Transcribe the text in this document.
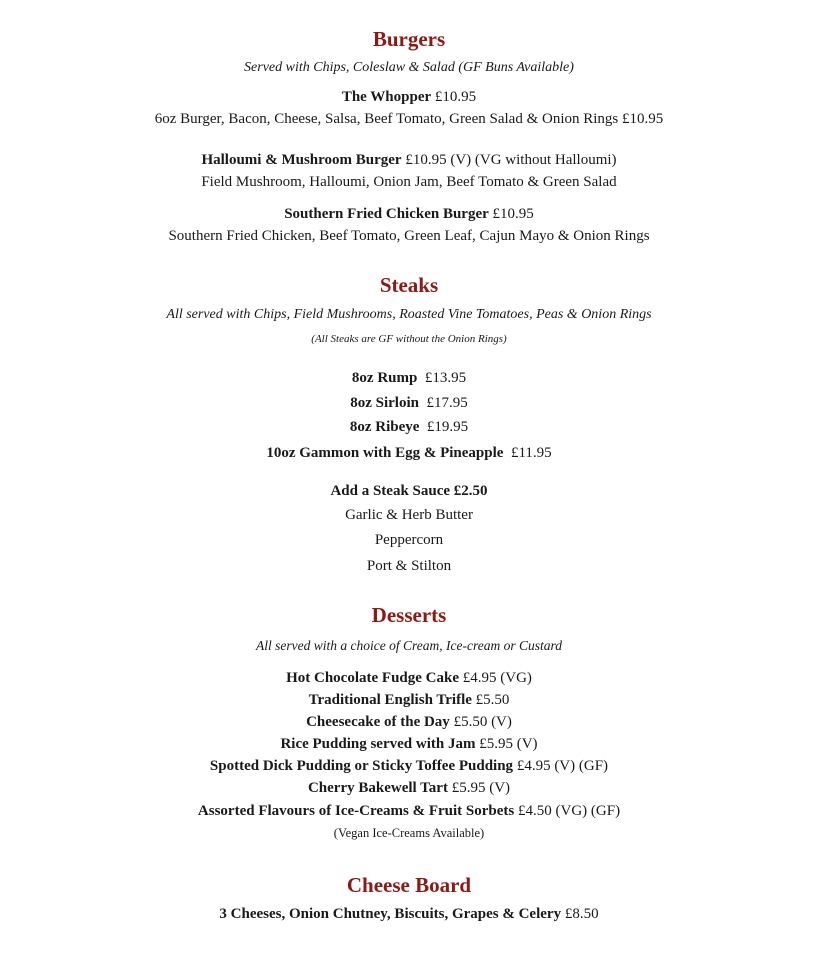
Burgers
Served with Chips, Coleslaw & Salad (GF Buns Available)
The Whopper £10.95
6oz Burger, Bacon, Cheese, Salsa, Beef Tomato, Green Salad & Onion Rings £10.95
Halloumi & Mushroom Burger £10.95 (V) (VG without Halloumi)
Field Mushroom, Halloumi, Onion Jam, Beef Tomato & Green Salad
Southern Fried Chicken Burger £10.95
Southern Fried Chicken, Beef Tomato, Green Leaf, Cajun Mayo & Onion Rings
Steaks
All served with Chips, Field Mushrooms, Roasted Vine Tomatoes, Peas & Onion Rings
(All Steaks are GF without the Onion Rings)
8oz Rump  £13.95
8oz Sirloin  £17.95
8oz Ribeye  £19.95
10oz Gammon with Egg & Pineapple  £11.95
Add a Steak Sauce £2.50
Garlic & Herb Butter
Peppercorn
Port & Stilton
Desserts
All served with a choice of Cream, Ice-cream or Custard
Hot Chocolate Fudge Cake £4.95 (VG)
Traditional English Trifle £5.50
Cheesecake of the Day £5.50 (V)
Rice Pudding served with Jam £5.95 (V)
Spotted Dick Pudding or Sticky Toffee Pudding £4.95 (V) (GF)
Cherry Bakewell Tart £5.95 (V)
Assorted Flavours of Ice-Creams & Fruit Sorbets £4.50 (VG) (GF)
(Vegan Ice-Creams Available)
Cheese Board
3 Cheeses, Onion Chutney, Biscuits, Grapes & Celery £8.50
